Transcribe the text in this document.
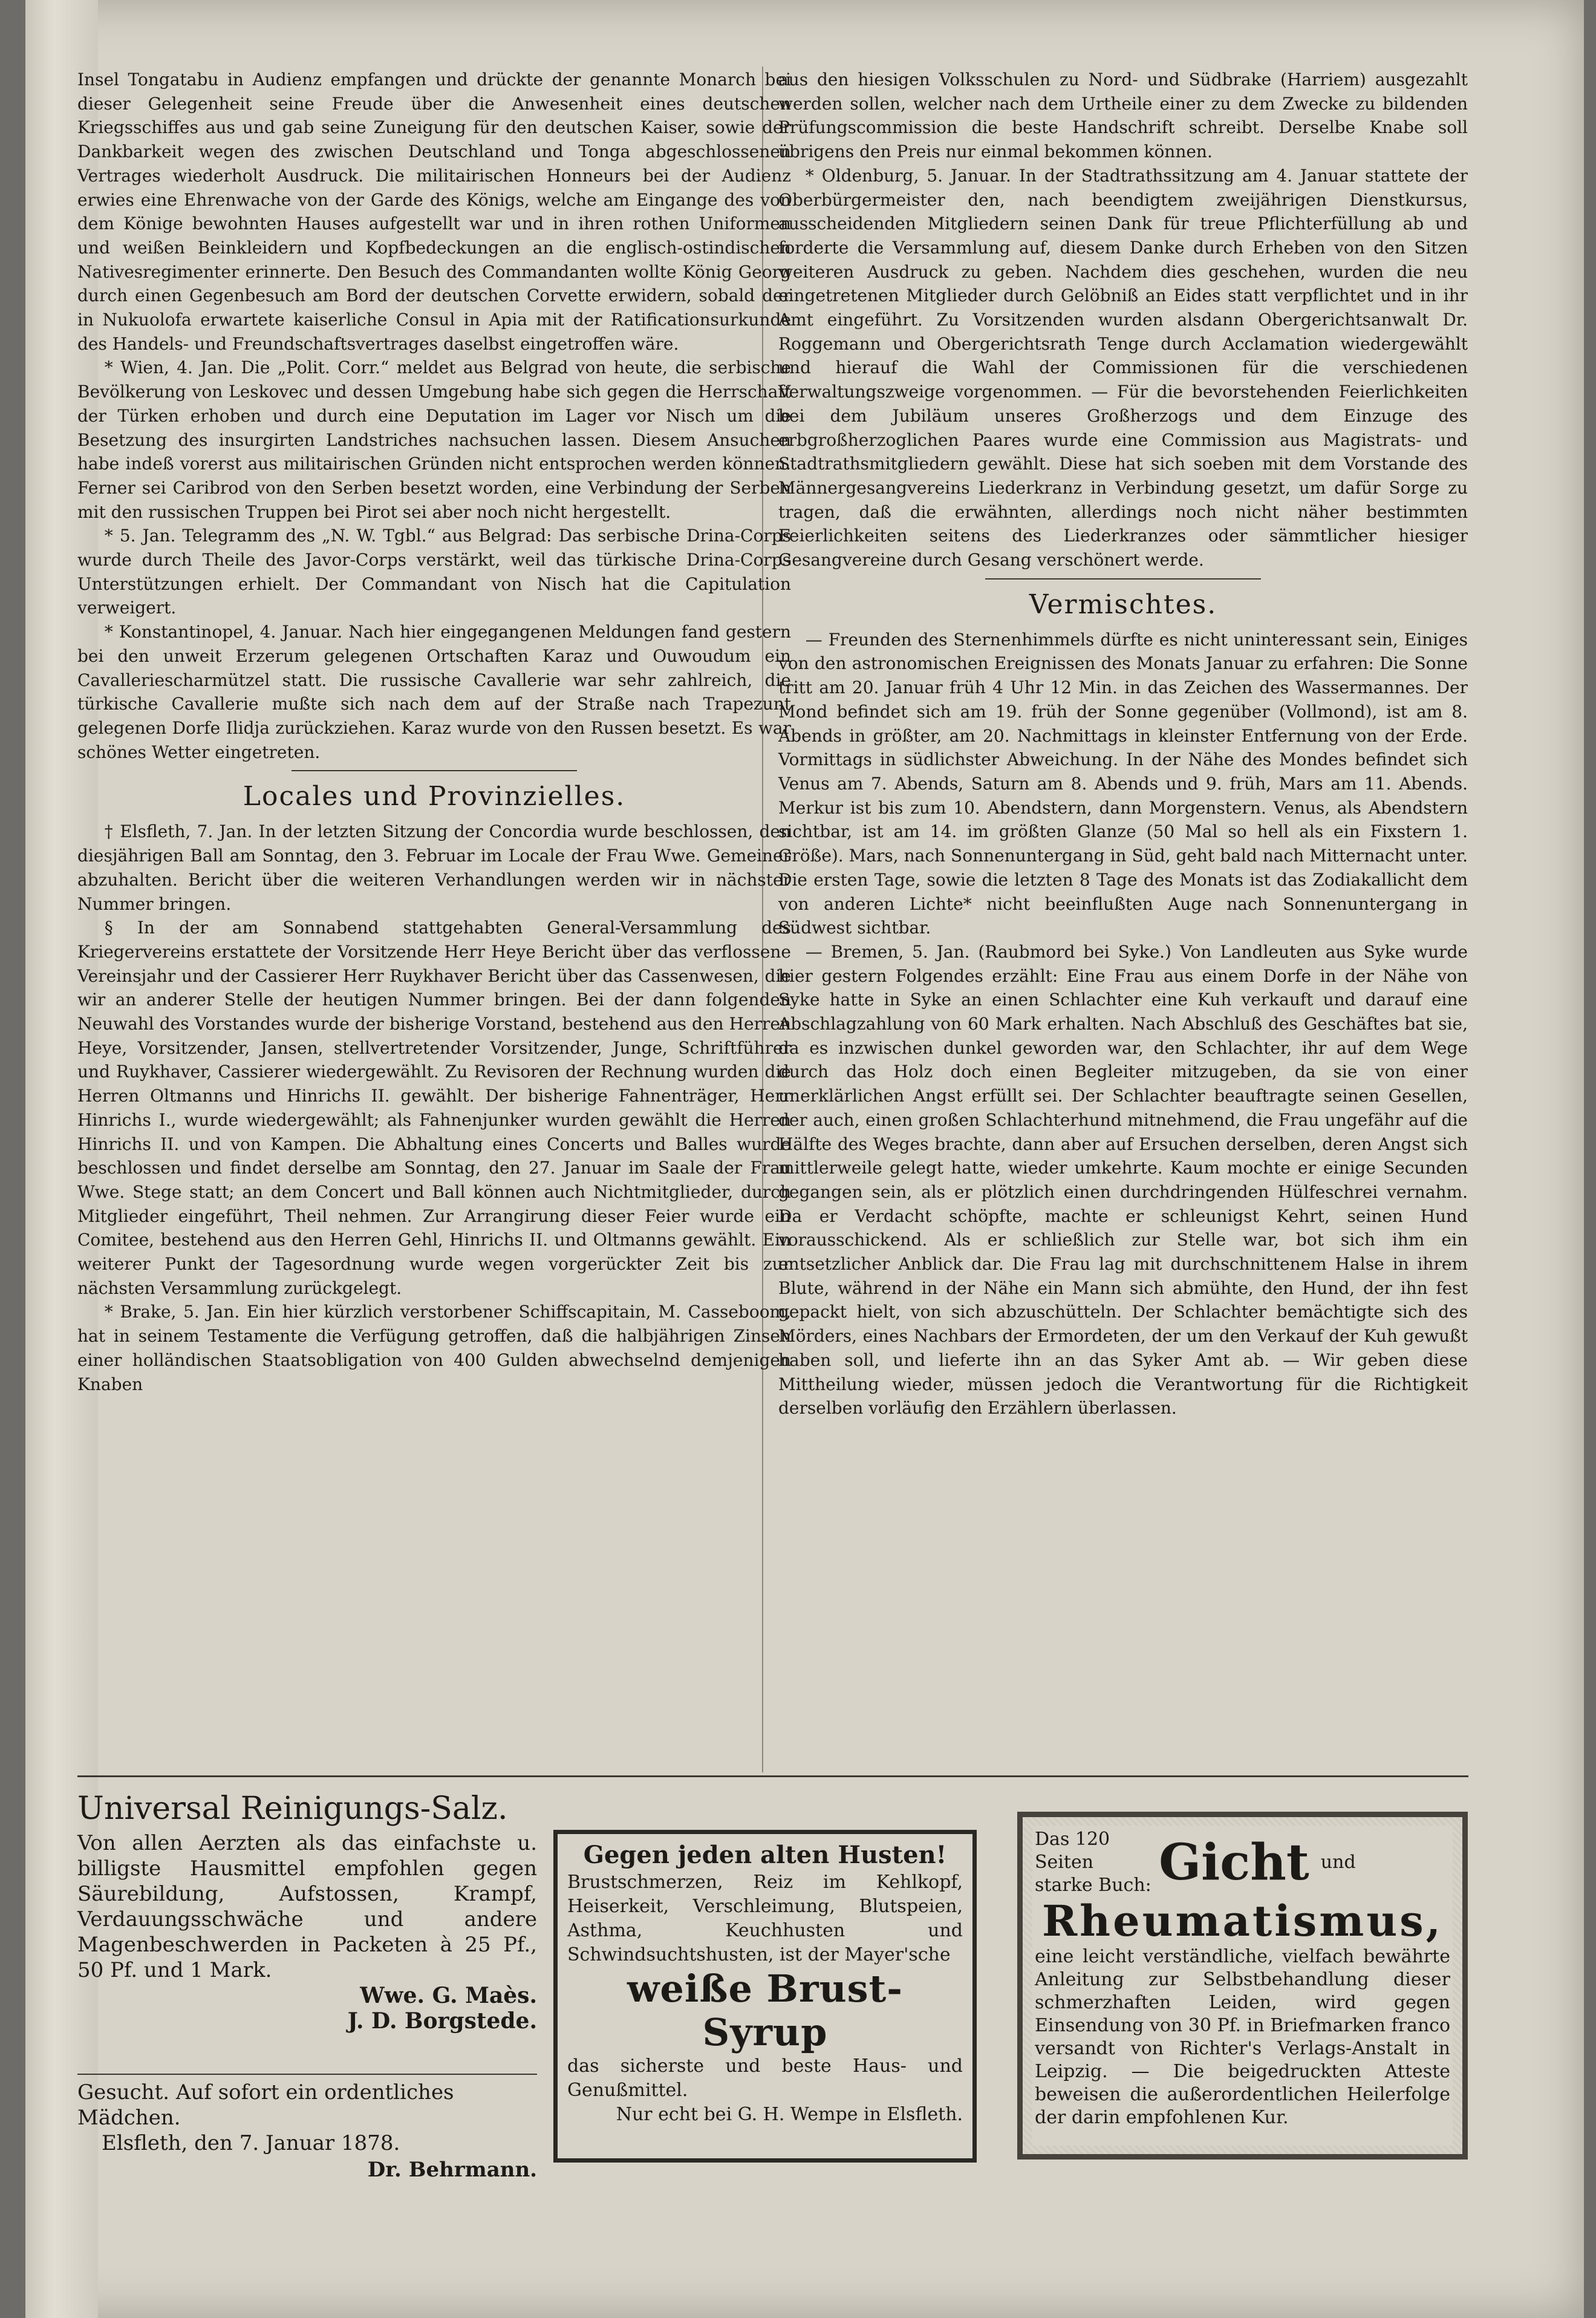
Insel Tongatabu in Audienz empfangen und drückte der genannte Monarch bei dieser Gelegenheit seine Freude über die Anwesenheit eines deutschen Kriegsschiffes aus und gab seine Zuneigung für den deutschen Kaiser, sowie der Dankbarkeit wegen des zwischen Deutschland und Tonga abgeschlossenen Vertrages wiederholt Ausdruck. Die militairischen Honneurs bei der Audienz erwies eine Ehrenwache von der Garde des Königs, welche am Eingange des von dem Könige bewohnten Hauses aufgestellt war und in ihren rothen Uniformen und weißen Beinkleidern und Kopfbedeckungen an die englisch-ostindischen Nativesregimenter erinnerte. Den Besuch des Commandanten wollte König Georg durch einen Gegenbesuch am Bord der deutschen Corvette erwidern, sobald der in Nukuolofa erwartete kaiserliche Consul in Apia mit der Ratificationsurkunde des Handels- und Freundschaftsvertrages daselbst eingetroffen wäre.

* Wien, 4. Jan. Die „Polit. Corr.“ meldet aus Belgrad von heute, die serbische Bevölkerung von Leskovec und dessen Umgebung habe sich gegen die Herrschaft der Türken erhoben und durch eine Deputation im Lager vor Nisch um die Besetzung des insurgirten Landstriches nachsuchen lassen. Diesem Ansuchen habe indeß vorerst aus militairischen Gründen nicht entsprochen werden können. Ferner sei Caribrod von den Serben besetzt worden, eine Verbindung der Serben mit den russischen Truppen bei Pirot sei aber noch nicht hergestellt.

* 5. Jan. Telegramm des „N. W. Tgbl.“ aus Belgrad: Das serbische Drina-Corps wurde durch Theile des Javor-Corps verstärkt, weil das türkische Drina-Corps Unterstützungen erhielt. Der Commandant von Nisch hat die Capitulation verweigert.

* Konstantinopel, 4. Januar. Nach hier eingegangenen Meldungen fand gestern bei den unweit Erzerum gelegenen Ortschaften Karaz und Ouwoudum ein Cavalleriescharmützel statt. Die russische Cavallerie war sehr zahlreich, die türkische Cavallerie mußte sich nach dem auf der Straße nach Trapezunt gelegenen Dorfe Ilidja zurückziehen. Karaz wurde von den Russen besetzt. Es war schönes Wetter eingetreten.

Locales und Provinzielles.

† Elsfleth, 7. Jan. In der letzten Sitzung der Concordia wurde beschlossen, den diesjährigen Ball am Sonntag, den 3. Februar im Locale der Frau Wwe. Gemeiner abzuhalten. Bericht über die weiteren Verhandlungen werden wir in nächster Nummer bringen.

§ In der am Sonnabend stattgehabten General-Versammlung des Kriegervereins erstattete der Vorsitzende Herr Heye Bericht über das verflossene Vereinsjahr und der Cassierer Herr Ruykhaver Bericht über das Cassenwesen, die wir an anderer Stelle der heutigen Nummer bringen. Bei der dann folgenden Neuwahl des Vorstandes wurde der bisherige Vorstand, bestehend aus den Herren Heye, Vorsitzender, Jansen, stellvertretender Vorsitzender, Junge, Schriftführer und Ruykhaver, Cassierer wiedergewählt. Zu Revisoren der Rechnung wurden die Herren Oltmanns und Hinrichs II. gewählt. Der bisherige Fahnenträger, Herr Hinrichs I., wurde wiedergewählt; als Fahnenjunker wurden gewählt die Herren Hinrichs II. und von Kampen. Die Abhaltung eines Concerts und Balles wurde beschlossen und findet derselbe am Sonntag, den 27. Januar im Saale der Frau Wwe. Stege statt; an dem Concert und Ball können auch Nichtmitglieder, durch Mitglieder eingeführt, Theil nehmen. Zur Arrangirung dieser Feier wurde ein Comitee, bestehend aus den Herren Gehl, Hinrichs II. und Oltmanns gewählt. Ein weiterer Punkt der Tagesordnung wurde wegen vorgerückter Zeit bis zur nächsten Versammlung zurückgelegt.

* Brake, 5. Jan. Ein hier kürzlich verstorbener Schiffscapitain, M. Casseboom, hat in seinem Testamente die Verfügung getroffen, daß die halbjährigen Zinsen einer holländischen Staatsobligation von 400 Gulden abwechselnd demjenigen Knaben

aus den hiesigen Volksschulen zu Nord- und Südbrake (Harriem) ausgezahlt werden sollen, welcher nach dem Urtheile einer zu dem Zwecke zu bildenden Prüfungscommission die beste Handschrift schreibt. Derselbe Knabe soll übrigens den Preis nur einmal bekommen können.

* Oldenburg, 5. Januar. In der Stadtrathssitzung am 4. Januar stattete der Oberbürgermeister den, nach beendigtem zweijährigen Dienstkursus, ausscheidenden Mitgliedern seinen Dank für treue Pflichterfüllung ab und forderte die Versammlung auf, diesem Danke durch Erheben von den Sitzen weiteren Ausdruck zu geben. Nachdem dies geschehen, wurden die neu eingetretenen Mitglieder durch Gelöbniß an Eides statt verpflichtet und in ihr Amt eingeführt. Zu Vorsitzenden wurden alsdann Obergerichtsanwalt Dr. Roggemann und Obergerichtsrath Tenge durch Acclamation wiedergewählt und hierauf die Wahl der Commissionen für die verschiedenen Verwaltungszweige vorgenommen. — Für die bevorstehenden Feierlichkeiten bei dem Jubiläum unseres Großherzogs und dem Einzuge des erbgroßherzoglichen Paares wurde eine Commission aus Magistrats- und Stadtrathsmitgliedern gewählt. Diese hat sich soeben mit dem Vorstande des Männergesangvereins Liederkranz in Verbindung gesetzt, um dafür Sorge zu tragen, daß die erwähnten, allerdings noch nicht näher bestimmten Feierlichkeiten seitens des Liederkranzes oder sämmtlicher hiesiger Gesangvereine durch Gesang verschönert werde.

Vermischtes.

— Freunden des Sternenhimmels dürfte es nicht uninteressant sein, Einiges von den astronomischen Ereignissen des Monats Januar zu erfahren: Die Sonne tritt am 20. Januar früh 4 Uhr 12 Min. in das Zeichen des Wassermannes. Der Mond befindet sich am 19. früh der Sonne gegenüber (Vollmond), ist am 8. Abends in größter, am 20. Nachmittags in kleinster Entfernung von der Erde. Vormittags in südlichster Abweichung. In der Nähe des Mondes befindet sich Venus am 7. Abends, Saturn am 8. Abends und 9. früh, Mars am 11. Abends. Merkur ist bis zum 10. Abendstern, dann Morgenstern. Venus, als Abendstern sichtbar, ist am 14. im größten Glanze (50 Mal so hell als ein Fixstern 1. Größe). Mars, nach Sonnenuntergang in Süd, geht bald nach Mitternacht unter. Die ersten Tage, sowie die letzten 8 Tage des Monats ist das Zodiakallicht dem von anderen Lichte* nicht beeinflußten Auge nach Sonnenuntergang in Südwest sichtbar.

— Bremen, 5. Jan. (Raubmord bei Syke.) Von Landleuten aus Syke wurde hier gestern Folgendes erzählt: Eine Frau aus einem Dorfe in der Nähe von Syke hatte in Syke an einen Schlachter eine Kuh verkauft und darauf eine Abschlagzahlung von 60 Mark erhalten. Nach Abschluß des Geschäftes bat sie, da es inzwischen dunkel geworden war, den Schlachter, ihr auf dem Wege durch das Holz doch einen Begleiter mitzugeben, da sie von einer unerklärlichen Angst erfüllt sei. Der Schlachter beauftragte seinen Gesellen, der auch, einen großen Schlachterhund mitnehmend, die Frau ungefähr auf die Hälfte des Weges brachte, dann aber auf Ersuchen derselben, deren Angst sich mittlerweile gelegt hatte, wieder umkehrte. Kaum mochte er einige Secunden gegangen sein, als er plötzlich einen durchdringenden Hülfeschrei vernahm. Da er Verdacht schöpfte, machte er schleunigst Kehrt, seinen Hund vorausschickend. Als er schließlich zur Stelle war, bot sich ihm ein entsetzlicher Anblick dar. Die Frau lag mit durchschnittenem Halse in ihrem Blute, während in der Nähe ein Mann sich abmühte, den Hund, der ihn fest gepackt hielt, von sich abzuschütteln. Der Schlachter bemächtigte sich des Mörders, eines Nachbars der Ermordeten, der um den Verkauf der Kuh gewußt haben soll, und lieferte ihn an das Syker Amt ab. — Wir geben diese Mittheilung wieder, müssen jedoch die Verantwortung für die Richtigkeit derselben vorläufig den Erzählern überlassen.

Universal Reinigungs-Salz.
Von allen Aerzten als das einfachste u. billigste Hausmittel empfohlen gegen Säurebildung, Aufstossen, Krampf, Verdauungsschwäche und andere Magenbeschwerden in Packeten à 25 Pf., 50 Pf. und 1 Mark.
Wwe. G. Maès.
J. D. Borgstede.
Gesucht. Auf sofort ein ordentliches Mädchen.
Elsfleth, den 7. Januar 1878.
Dr. Behrmann.
Gegen jeden alten Husten!
Brustschmerzen, Reiz im Kehlkopf, Heiserkeit, Verschleimung, Blutspeien, Asthma, Keuchhusten und Schwindsuchtshusten, ist der Mayer'sche
weiße Brust-Syrup
das sicherste und beste Haus- und Genußmittel.
Nur echt bei G. H. Wempe in Elsfleth.
Das 120 Seiten starke Buch: Gicht und
Rheumatismus,
eine leicht verständliche, vielfach bewährte Anleitung zur Selbstbehandlung dieser schmerzhaften Leiden, wird gegen Einsendung von 30 Pf. in Briefmarken franco versandt von Richter's Verlags-Anstalt in Leipzig. — Die beigedruckten Atteste beweisen die außerordentlichen Heilerfolge der darin empfohlenen Kur.
